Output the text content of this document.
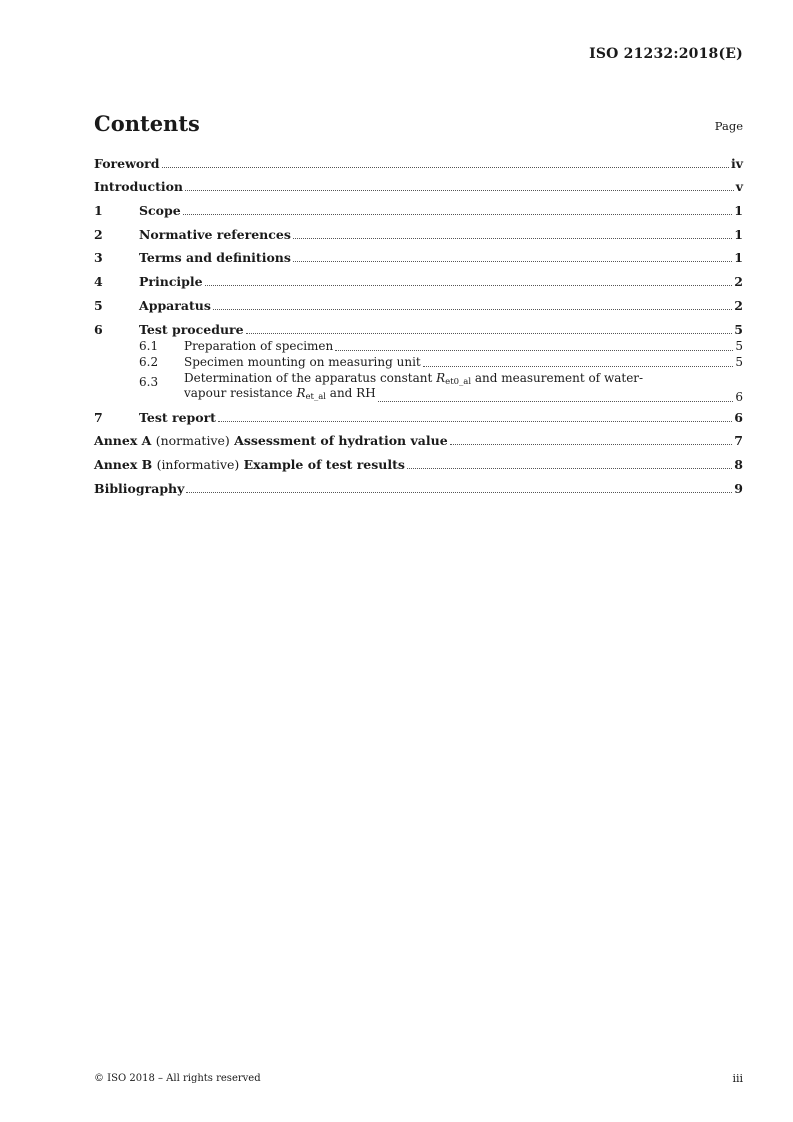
ISO 21232:2018(E)
Contents	Page
Foreword	iv
Introduction	v
1	Scope	1
2	Normative references	1
3	Terms and definitions	1
4	Principle	2
5	Apparatus	2
6	Test procedure	5
6.1	Preparation of specimen	5
6.2	Specimen mounting on measuring unit	5
6.3	Determination of the apparatus constant $R_{et0\_al}$ and measurement of water-
vapour resistance $R_{et\_al}$ and RH	6
7	Test report	6
Annex A (normative) Assessment of hydration value	7
Annex B (informative) Example of test results	8
Bibliography	9
© ISO 2018 – All rights reserved	iii
